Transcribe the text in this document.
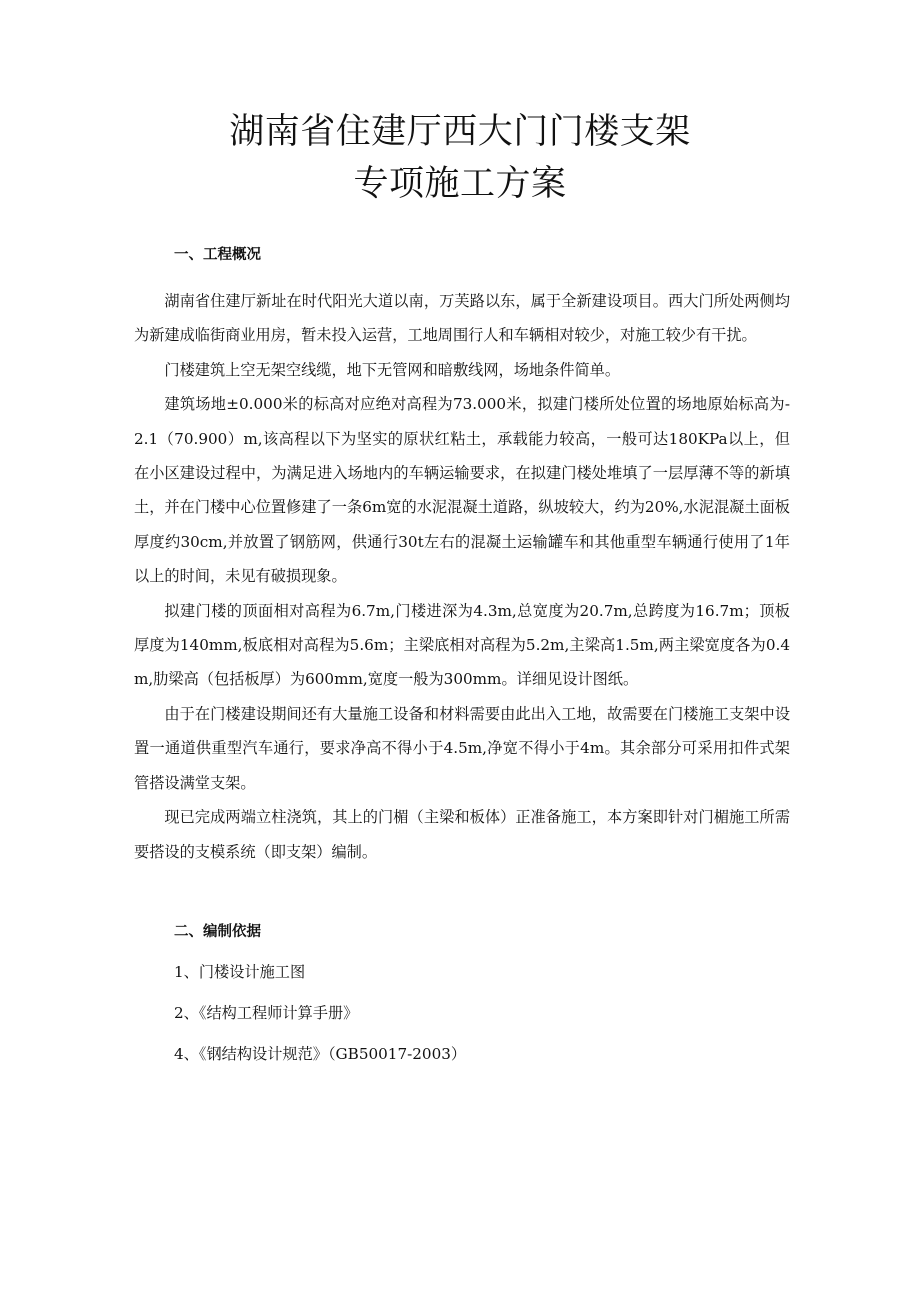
湖南省住建厅西大门门楼支架
专项施工方案
一、工程概况

湖南省住建厅新址在时代阳光大道以南，万芙路以东，属于全新建设项目。西大门所处两侧均为新建成临街商业用房，暂未投入运营，工地周围行人和车辆相对较少，对施工较少有干扰。

门楼建筑上空无架空线缆，地下无管网和暗敷线网，场地条件简单。

建筑场地±0.000米的标高对应绝对高程为73.000米，拟建门楼所处位置的场地原始标高为-2.1（70.900）m,该高程以下为坚实的原状红粘土，承载能力较高，一般可达180KPa以上，但在小区建设过程中，为满足进入场地内的车辆运输要求，在拟建门楼处堆填了一层厚薄不等的新填土，并在门楼中心位置修建了一条6m宽的水泥混凝土道路，纵坡较大，约为20%,水泥混凝土面板厚度约30cm,并放置了钢筋网，供通行30t左右的混凝土运输罐车和其他重型车辆通行使用了1年以上的时间，未见有破损现象。

拟建门楼的顶面相对高程为6.7m,门楼进深为4.3m,总宽度为20.7m,总跨度为16.7m；顶板厚度为140mm,板底相对高程为5.6m；主梁底相对高程为5.2m,主梁高1.5m,两主梁宽度各为0.4m,肋梁高（包括板厚）为600mm,宽度一般为300mm。详细见设计图纸。

由于在门楼建设期间还有大量施工设备和材料需要由此出入工地，故需要在门楼施工支架中设置一通道供重型汽车通行，要求净高不得小于4.5m,净宽不得小于4m。其余部分可采用扣件式架管搭设满堂支架。

现已完成两端立柱浇筑，其上的门楣（主梁和板体）正准备施工，本方案即针对门楣施工所需要搭设的支模系统（即支架）编制。

二、编制依据
1、门楼设计施工图
2、《结构工程师计算手册》
4、《钢结构设计规范》（GB50017-2003）
